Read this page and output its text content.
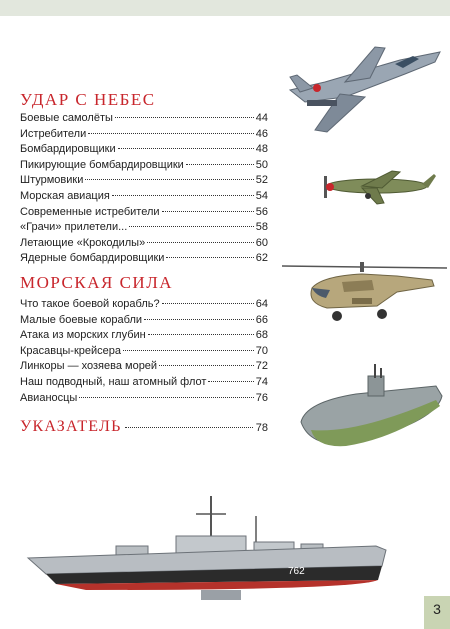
УДАР С НЕБЕС
Боевые самолёты	44
Истребители	46
Бомбардировщики	48
Пикирующие бомбардировщики	50
Штурмовики	52
Морская авиация	54
Современные истребители	56
«Грачи» прилетели...	58
Летающие «Крокодилы»	60
Ядерные бомбардировщики	62
МОРСКАЯ СИЛА
Что такое боевой корабль?	64
Малые боевые корабли	66
Атака из морских глубин	68
Красавцы-крейсера	70
Линкоры — хозяева морей	72
Наш подводный, наш атомный флот	74
Авианосцы	76
УКАЗАТЕЛЬ	78
762
3
